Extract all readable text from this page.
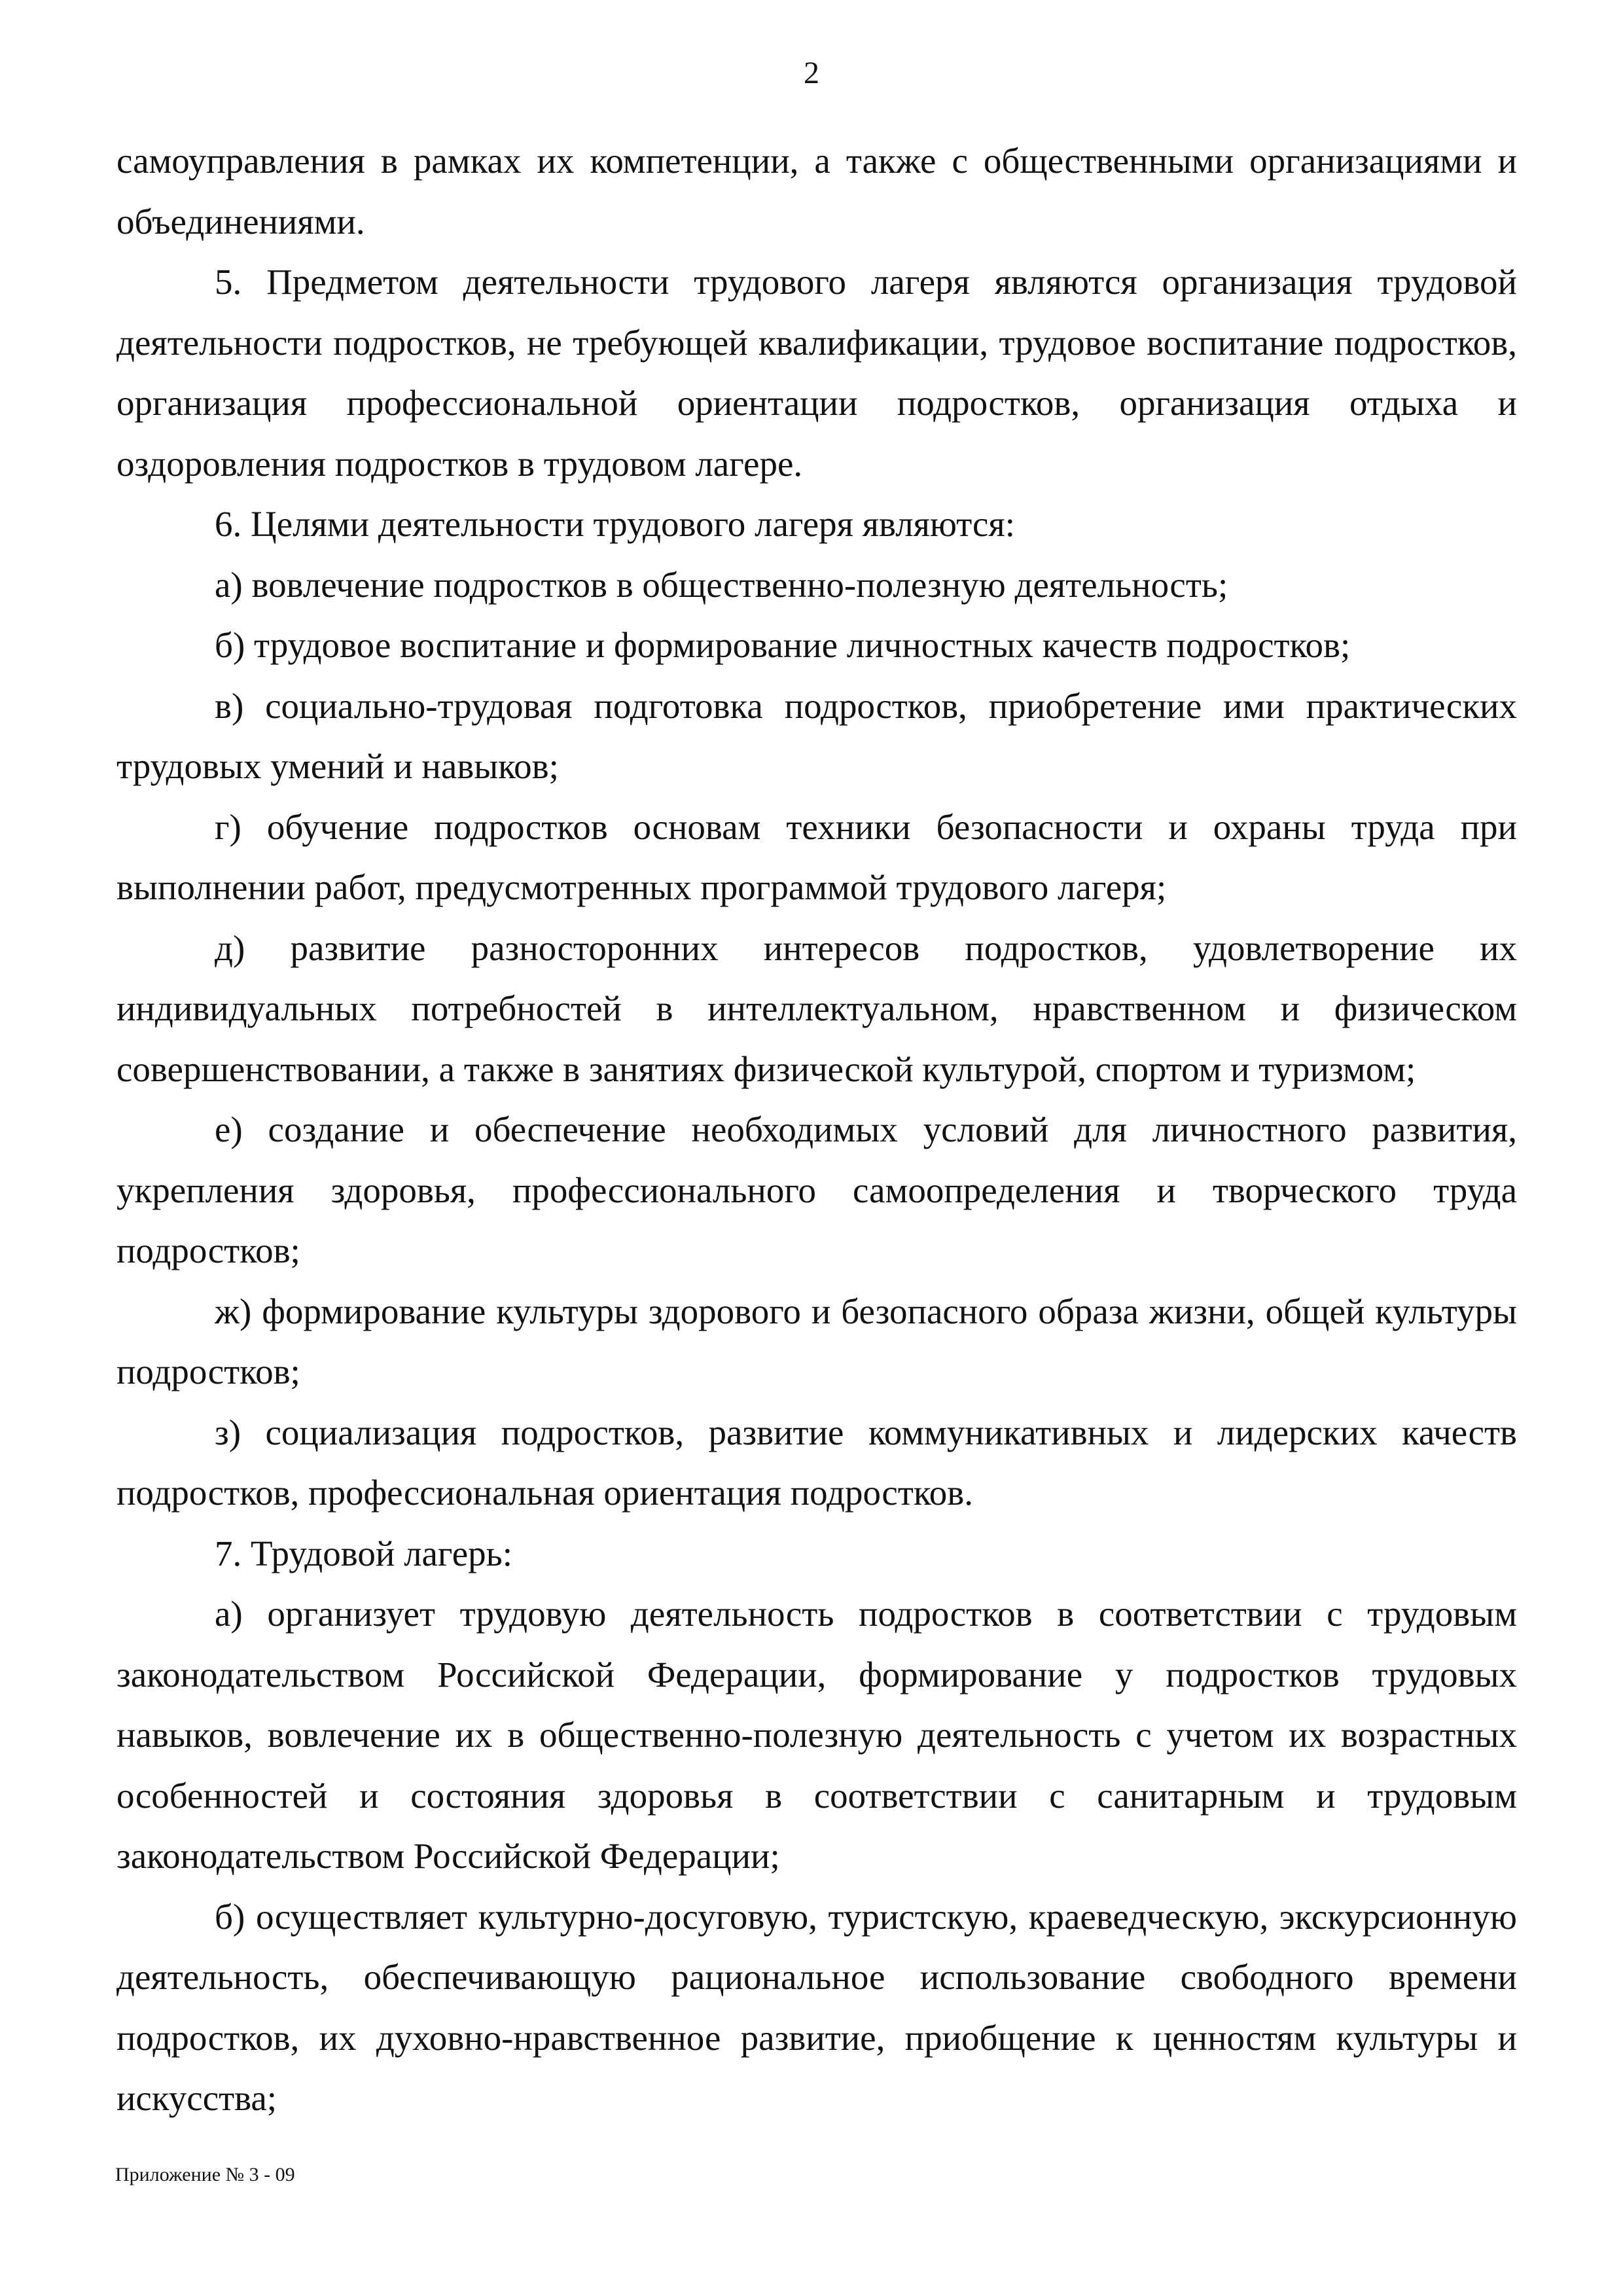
2

самоуправления в рамках их компетенции, а также с общественными организациями и объединениями.

5. Предметом деятельности трудового лагеря являются организация трудовой деятельности подростков, не требующей квалификации, трудовое воспитание подростков, организация профессиональной ориентации подростков, организация отдыха и оздоровления подростков в трудовом лагере.

6. Целями деятельности трудового лагеря являются:

а) вовлечение подростков в общественно-полезную деятельность;

б) трудовое воспитание и формирование личностных качеств подростков;

в) социально-трудовая подготовка подростков, приобретение ими практических трудовых умений и навыков;

г) обучение подростков основам техники безопасности и охраны труда при выполнении работ, предусмотренных программой трудового лагеря;

д) развитие разносторонних интересов подростков, удовлетворение их индивидуальных потребностей в интеллектуальном, нравственном и физическом совершенствовании, а также в занятиях физической культурой, спортом и туризмом;

е) создание и обеспечение необходимых условий для личностного развития, укрепления здоровья, профессионального самоопределения и творческого труда подростков;

ж) формирование культуры здорового и безопасного образа жизни, общей культуры подростков;

з) социализация подростков, развитие коммуникативных и лидерских качеств подростков, профессиональная ориентация подростков.

7. Трудовой лагерь:

а) организует трудовую деятельность подростков в соответствии с трудовым законодательством Российской Федерации, формирование у подростков трудовых навыков, вовлечение их в общественно-полезную деятельность с учетом их возрастных особенностей и состояния здоровья в соответствии с санитарным и трудовым законодательством Российской Федерации;

б) осуществляет культурно-досуговую, туристскую, краеведческую, экскурсионную деятельность, обеспечивающую рациональное использование свободного времени подростков, их духовно-нравственное развитие, приобщение к ценностям культуры и искусства;

Приложение № 3 - 09
